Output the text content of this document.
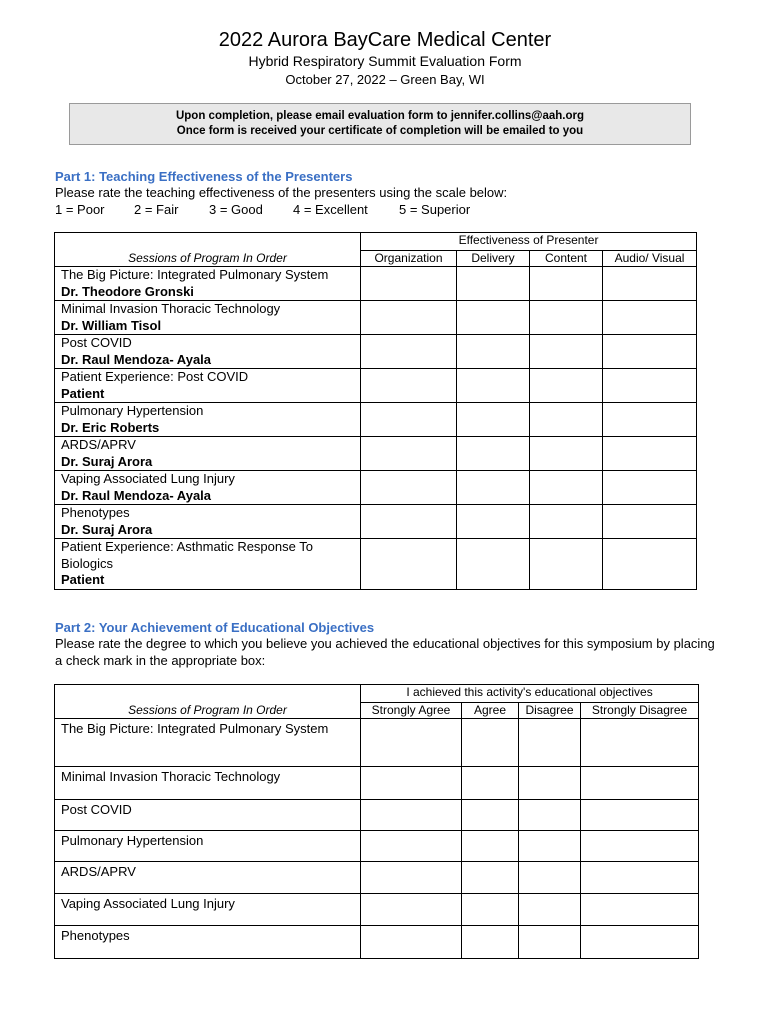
2022 Aurora BayCare Medical Center
Hybrid Respiratory Summit Evaluation Form
October 27, 2022 – Green Bay, WI
Upon completion, please email evaluation form to jennifer.collins@aah.org
Once form is received your certificate of completion will be emailed to you
Part 1: Teaching Effectiveness of the Presenters
Please rate the teaching effectiveness of the presenters using the scale below:
1 = Poor 2 = Fair 3 = Good 4 = Excellent 5 = Superior
	Effectiveness of Presenter			
Sessions of Program In Order	Organization	Delivery	Content	Audio/ Visual

The Big Picture: Integrated Pulmonary System
Dr. Theodore Gronski				

Minimal Invasion Thoracic Technology
Dr. William Tisol				

Post COVID
Dr. Raul Mendoza- Ayala				

Patient Experience: Post COVID
Patient				

Pulmonary Hypertension
Dr. Eric Roberts				

ARDS/APRV
Dr. Suraj Arora				

Vaping Associated Lung Injury
Dr. Raul Mendoza- Ayala				

Phenotypes
Dr. Suraj Arora				

Patient Experience: Asthmatic Response To Biologics
Patient				

Part 2: Your Achievement of Educational Objectives
Please rate the degree to which you believe you achieved the educational objectives for this symposium by placing a check mark in the appropriate box:
	I achieved this activity's educational objectives			
Sessions of Program In Order	Strongly Agree	Agree	Disagree	Strongly Disagree
The Big Picture: Integrated Pulmonary System				
Minimal Invasion Thoracic Technology				
Post COVID				
Pulmonary Hypertension				
ARDS/APRV				
Vaping Associated Lung Injury				
Phenotypes				
